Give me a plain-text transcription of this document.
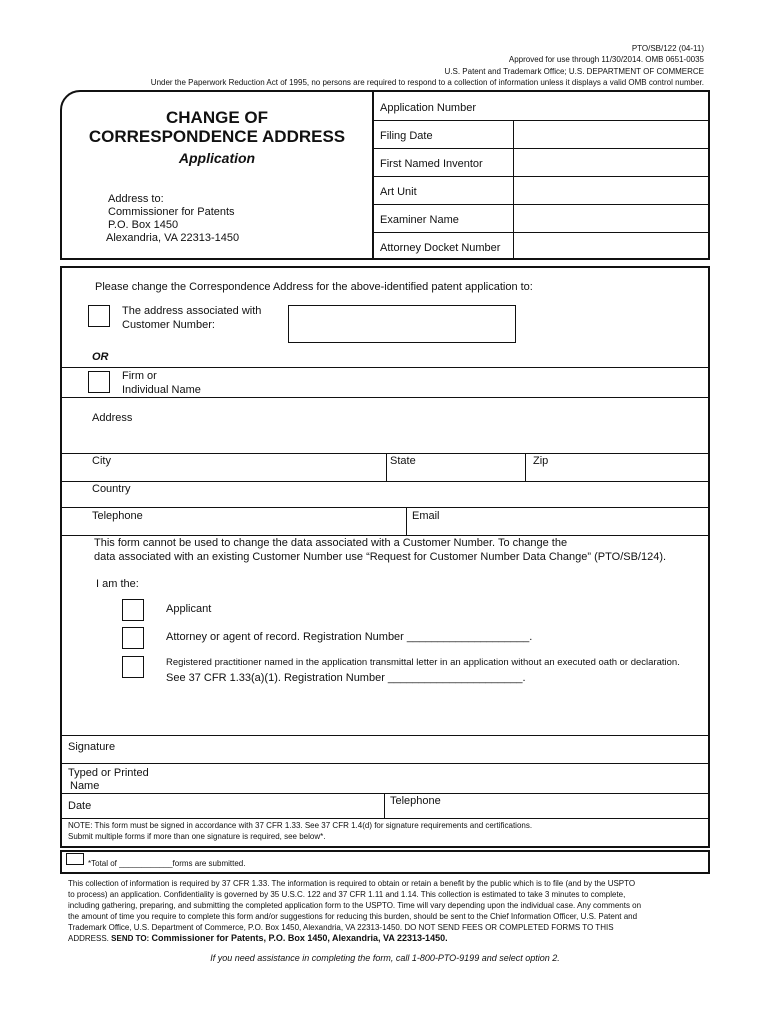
PTO/SB/122 (04-11)
Approved for use through 11/30/2014. OMB 0651-0035
U.S. Patent and Trademark Office; U.S. DEPARTMENT OF COMMERCE
Under the Paperwork Reduction Act of 1995, no persons are required to respond to a collection of information unless it displays a valid OMB control number.
CHANGE OF
CORRESPONDENCE ADDRESS
Application
Address to:
Commissioner for Patents
P.O. Box 1450
Alexandria, VA 22313-1450
Application Number
Filing Date
First Named Inventor
Art Unit
Examiner Name
Attorney Docket Number
Please change the Correspondence Address for the above-identified patent application to:
The address associated with
Customer Number:
OR
Firm or
Individual Name
Address
City	State	Zip
Country
Telephone	Email
This form cannot be used to change the data associated with a Customer Number. To change the
data associated with an existing Customer Number use “Request for Customer Number Data Change” (PTO/SB/124).
I am the:
Applicant
Attorney or agent of record. Registration Number ____________________.
Registered practitioner named in the application transmittal letter in an application without an executed oath or declaration.
See 37 CFR 1.33(a)(1). Registration Number ______________________.
Signature
Typed or Printed
Name
Date	Telephone
NOTE: This form must be signed in accordance with 37 CFR 1.33. See 37 CFR 1.4(d) for signature requirements and certifications.
Submit multiple forms if more than one signature is required, see below*.
*Total of ____________forms are submitted.
This collection of information is required by 37 CFR 1.33. The information is required to obtain or retain a benefit by the public which is to file (and by the USPTO
to process) an application. Confidentiality is governed by 35 U.S.C. 122 and 37 CFR 1.11 and 1.14. This collection is estimated to take 3 minutes to complete,
including gathering, preparing, and submitting the completed application form to the USPTO. Time will vary depending upon the individual case. Any comments on
the amount of time you require to complete this form and/or suggestions for reducing this burden, should be sent to the Chief Information Officer, U.S. Patent and
Trademark Office, U.S. Department of Commerce, P.O. Box 1450, Alexandria, VA 22313-1450. DO NOT SEND FEES OR COMPLETED FORMS TO THIS
ADDRESS. SEND TO: Commissioner for Patents, P.O. Box 1450, Alexandria, VA 22313-1450.
If you need assistance in completing the form, call 1-800-PTO-9199 and select option 2.
